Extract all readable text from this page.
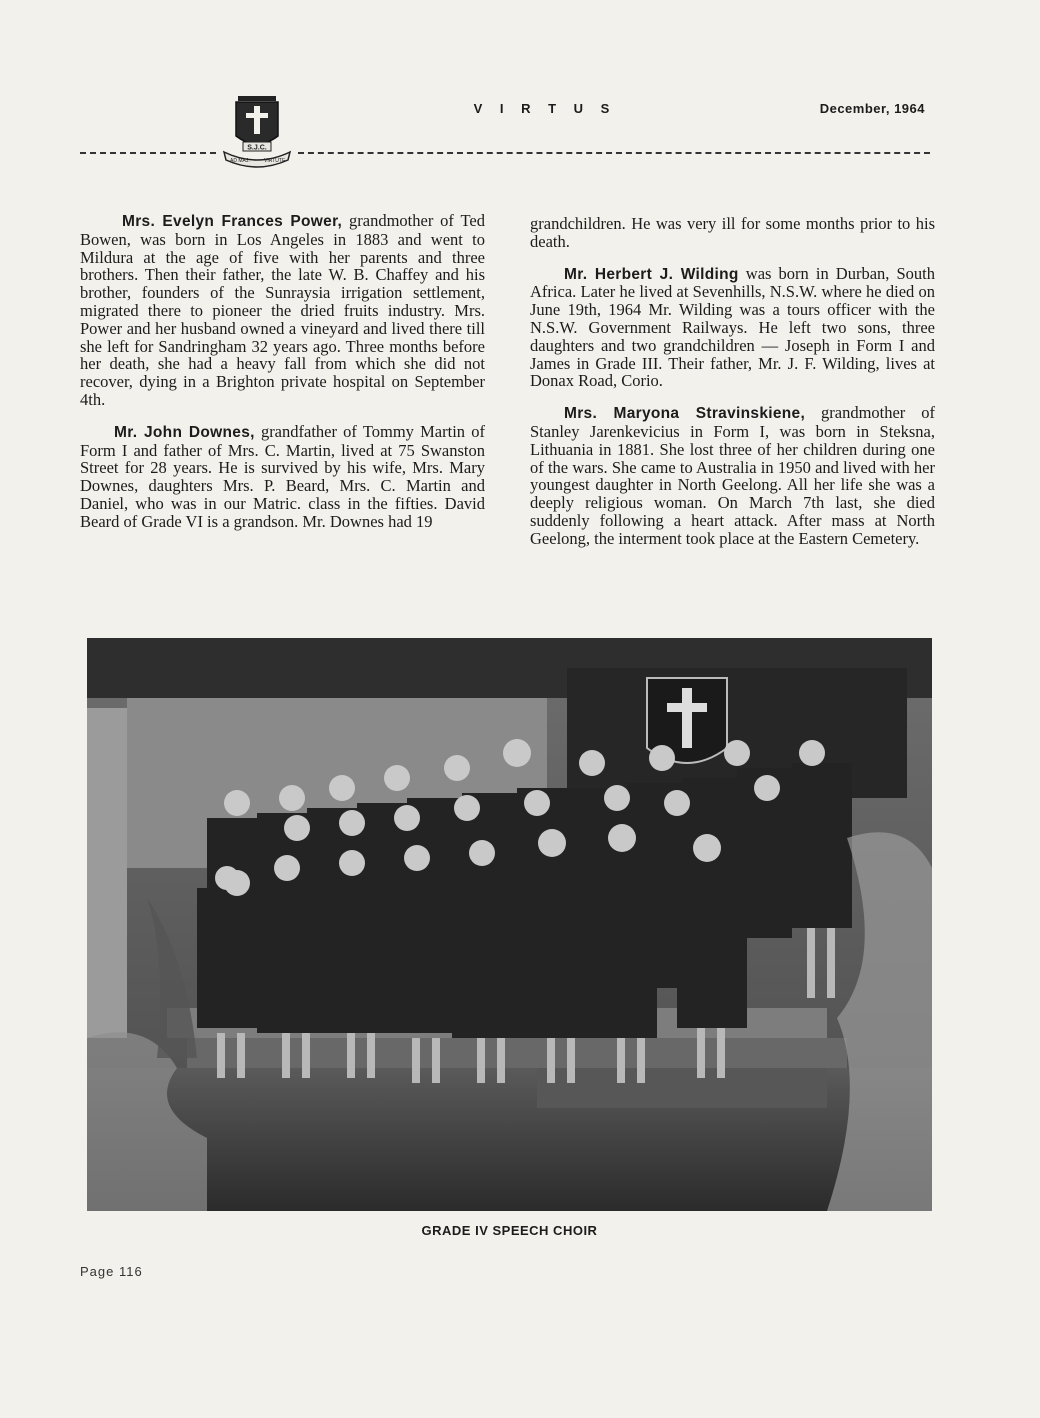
AD MAJ.	VIRTUTE
S.J.C.
V I R T U S	December, 1964

Mrs. Evelyn Frances Power, grandmother of Ted Bowen, was born in Los Angeles in 1883 and went to Mildura at the age of five with her parents and three brothers. Then their father, the late W. B. Chaffey and his brother, founders of the Sunraysia irrigation settlement, migrated there to pioneer the dried fruits industry. Mrs. Power and her husband owned a vineyard and lived there till she left for Sandringham 32 years ago. Three months before her death, she had a heavy fall from which she did not recover, dying in a Brighton private hospital on September 4th.

Mr. John Downes, grandfather of Tommy Martin of Form I and father of Mrs. C. Martin, lived at 75 Swanston Street for 28 years. He is survived by his wife, Mrs. Mary Downes, daughters Mrs. P. Beard, Mrs. C. Martin and Daniel, who was in our Matric. class in the fifties. David Beard of Grade VI is a grandson. Mr. Downes had 19

grandchildren. He was very ill for some months prior to his death.

Mr. Herbert J. Wilding was born in Durban, South Africa. Later he lived at Sevenhills, N.S.W. where he died on June 19th, 1964 Mr. Wilding was a tours officer with the N.S.W. Government Railways. He left two sons, three daughters and two grandchildren — Joseph in Form I and James in Grade III. Their father, Mr. J. F. Wilding, lives at Donax Road, Corio.

Mrs. Maryona Stravinskiene, grandmother of Stanley Jarenkevicius in Form I, was born in Steksna, Lithuania in 1881. She lost three of her children during one of the wars. She came to Australia in 1950 and lived with her youngest daughter in North Geelong. All her life she was a deeply religious woman. On March 7th last, she died suddenly following a heart attack. After mass at North Geelong, the interment took place at the Eastern Cemetery.

GRADE IV SPEECH CHOIR
Page 116
